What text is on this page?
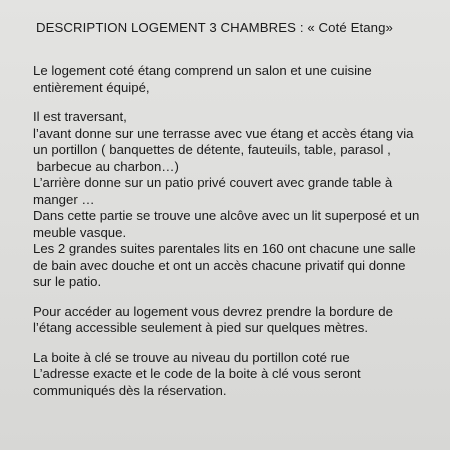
DESCRIPTION LOGEMENT 3 CHAMBRES : « Coté Etang»

Le logement coté étang comprend un salon et une cuisine
entièrement équipé,

Il est traversant,
l’avant donne sur une terrasse avec vue étang et accès étang via
un portillon ( banquettes de détente, fauteuils, table, parasol ,
barbecue au charbon…)
L’arrière donne sur un patio privé couvert avec grande table à
manger …
Dans cette partie se trouve une alcôve avec un lit superposé et un
meuble vasque.
Les 2 grandes suites parentales lits en 160 ont chacune une salle
de bain avec douche et ont un accès chacune privatif qui donne
sur le patio.

Pour accéder au logement vous devrez prendre la bordure de
l’étang accessible seulement à pied sur quelques mètres.

La boite à clé se trouve au niveau du portillon coté rue
L’adresse exacte et le code de la boite à clé vous seront
communiqués dès la réservation.
